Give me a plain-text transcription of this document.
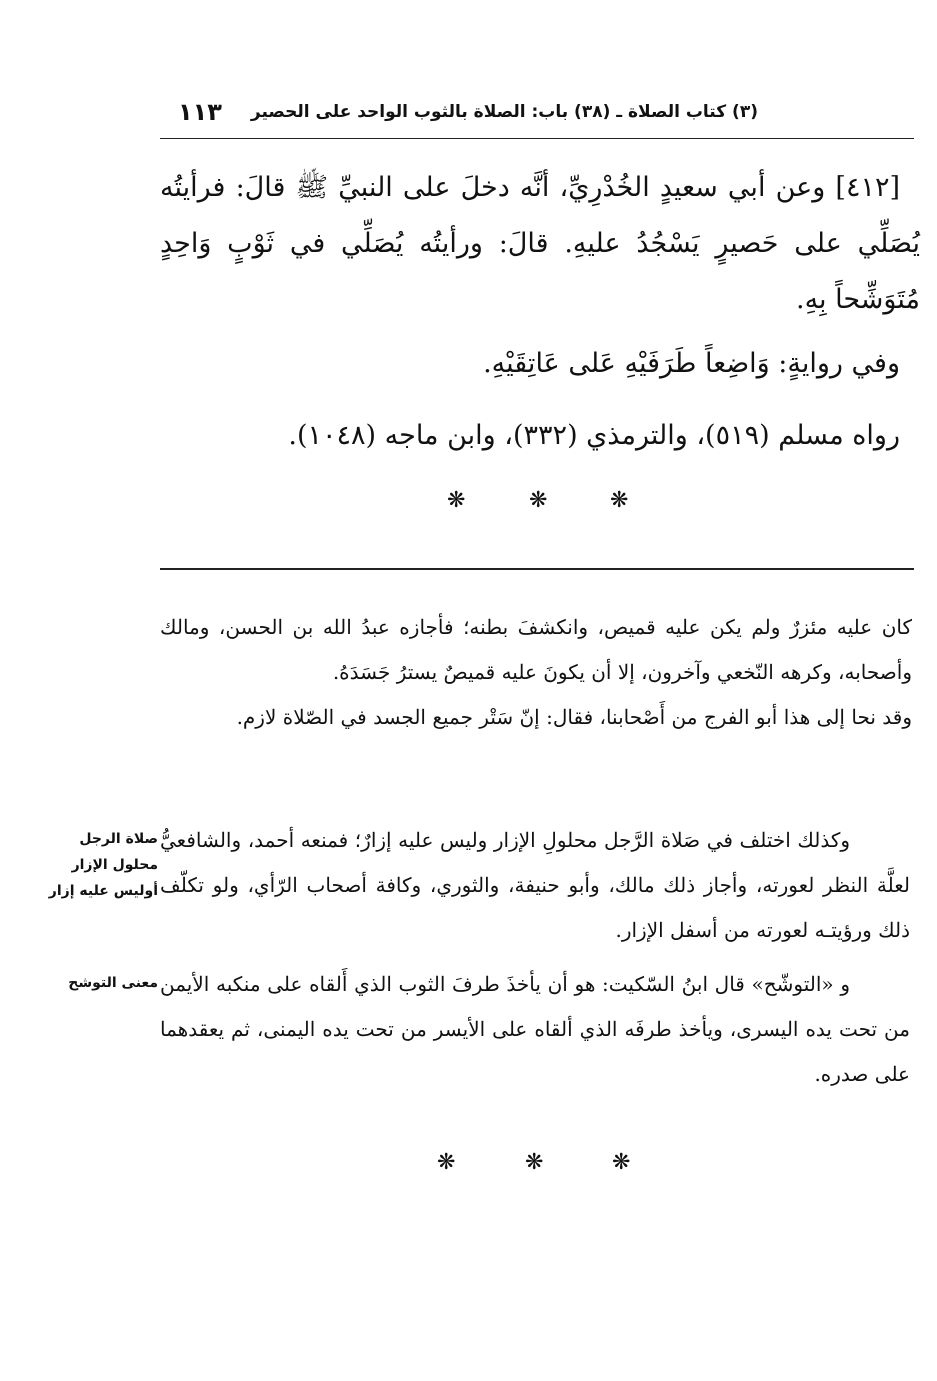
(٣) كتاب الصلاة ـ (٣٨) باب: الصلاة بالثوب الواحد على الحصير
١١٣

[٤١٢] وعن أبي سعيدٍ الخُدْرِيِّ، أنَّه دخلَ على النبيِّ ﷺ قالَ: فرأيتُه يُصَلِّي على حَصيرٍ يَسْجُدُ عليهِ. قالَ: ورأيتُه يُصَلِّي في ثَوْبٍ وَاحِدٍ مُتَوَشِّحاً بِهِ.

وفي روايةٍ: وَاضِعاً طَرَفَيْهِ عَلى عَاتِقَيْهِ.

رواه مسلم (٥١٩)، والترمذي (٣٣٢)، وابن ماجه (١٠٤٨).

❋	❋	❋

كان عليه مئزرٌ ولم يكن عليه قميص، وانكشفَ بطنه؛ فأجازه عبدُ الله بن الحسن، ومالك وأصحابه، وكرهه النّخعي وآخرون، إلا أن يكونَ عليه قميصٌ يسترُ جَسَدَهُ.

وقد نحا إلى هذا أبو الفرج من أَصْحابنا، فقال: إنّ سَتْر جميع الجسد في الصّلاة لازم.

وكذلك اختلف في صَلاة الرَّجل محلولِ الإزار وليس عليه إزارٌ؛ فمنعه أحمد، والشافعيُّ لعلَّة النظر لعورته، وأجاز ذلك مالك، وأبو حنيفة، والثوري، وكافة أصحاب الرّأي، ولو تكلّف ذلك ورؤيتـه لعورته من أسفل الإزار.

صلاة الرجل محلول الإزار أوليس عليه إزار

و «التوشّح» قال ابنُ السّكيت: هو أن يأخذَ طرفَ الثوب الذي أَلقاه على منكبه الأيمن من تحت يده اليسرى، ويأخذ طرفَه الذي ألقاه على الأيسر من تحت يده اليمنى، ثم يعقدهما على صدره.

معنى التوشح
❋	❋	❋
